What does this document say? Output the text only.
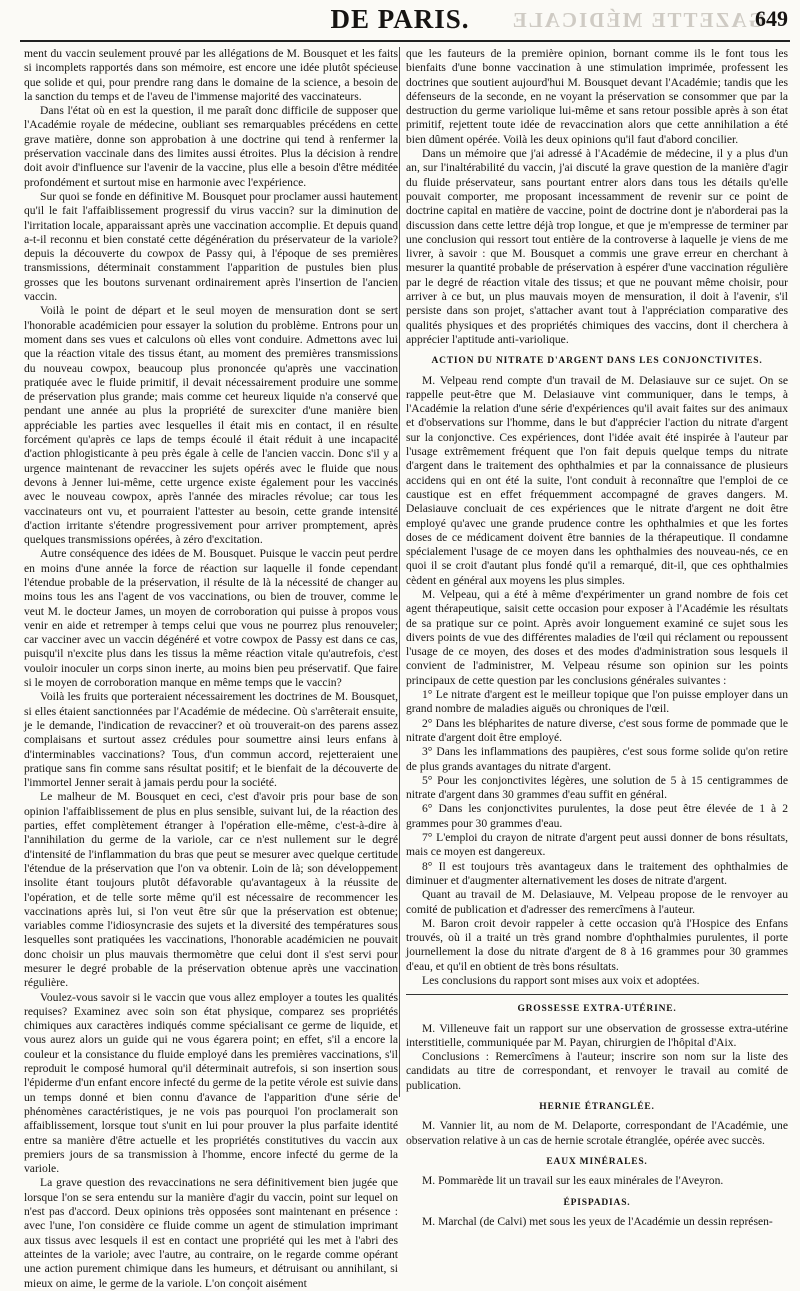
GAZETTE MÉDICALE
DE PARIS.	649

ment du vaccin seulement prouvé par les allégations de M. Bousquet et les faits si incomplets rapportés dans son mémoire, est encore une idée plutôt spécieuse que solide et qui, pour prendre rang dans le domaine de la science, a besoin de la sanction du temps et de l'aveu de l'immense majorité des vaccinateurs.

Dans l'état où en est la question, il me paraît donc difficile de supposer que l'Académie royale de médecine, oubliant ses remarquables précédens en cette grave matière, donne son approbation à une doctrine qui tend à renfermer la préservation vaccinale dans des limites aussi étroites. Plus la décision à rendre doit avoir d'influence sur l'avenir de la vaccine, plus elle a besoin d'être méditée profondément et surtout mise en harmonie avec l'expérience.

Sur quoi se fonde en définitive M. Bousquet pour proclamer aussi hautement qu'il le fait l'affaiblissement progressif du virus vaccin? sur la diminution de l'irritation locale, apparaissant après une vaccination accomplie. Et depuis quand a-t-il reconnu et bien constaté cette dégénération du préservateur de la variole? depuis la découverte du cowpox de Passy qui, à l'époque de ses premières transmissions, déterminait constamment l'apparition de pustules bien plus grosses que les boutons survenant ordinairement après l'insertion de l'ancien vaccin.

Voilà le point de départ et le seul moyen de mensuration dont se sert l'honorable académicien pour essayer la solution du problème. Entrons pour un moment dans ses vues et calculons où elles vont conduire. Admettons avec lui que la réaction vitale des tissus étant, au moment des premières transmissions du nouveau cowpox, beaucoup plus prononcée qu'après une vaccination pratiquée avec le fluide primitif, il devait nécessairement produire une somme de préservation plus grande; mais comme cet heureux liquide n'a conservé que pendant une année au plus la propriété de surexciter d'une manière bien appréciable les parties avec lesquelles il était mis en contact, il en résulte forcément qu'après ce laps de temps écoulé il était réduit à une incapacité d'action phlogisticante à peu près égale à celle de l'ancien vaccin. Donc s'il y a urgence maintenant de revacciner les sujets opérés avec le fluide que nous devons à Jenner lui-même, cette urgence existe également pour les vaccinés avec le nouveau cowpox, après l'année des miracles révolue; car tous les vaccinateurs ont vu, et pourraient l'attester au besoin, cette grande intensité d'action irritante s'étendre progressivement pour arriver promptement, après quelques transmissions opérées, à zéro d'excitation.

Autre conséquence des idées de M. Bousquet. Puisque le vaccin peut perdre en moins d'une année la force de réaction sur laquelle il fonde cependant l'étendue probable de la préservation, il résulte de là la nécessité de changer au moins tous les ans l'agent de vos vaccinations, ou bien de trouver, comme le veut M. le docteur James, un moyen de corroboration qui puisse à propos vous venir en aide et retremper à temps celui que vous ne pourrez plus renouveler; car vacciner avec un vaccin dégénéré et votre cowpox de Passy est dans ce cas, puisqu'il n'excite plus dans les tissus la même réaction vitale qu'autrefois, c'est vouloir inoculer un corps sinon inerte, au moins bien peu préservatif. Que faire si le moyen de corroboration manque en même temps que le vaccin?

Voilà les fruits que porteraient nécessairement les doctrines de M. Bousquet, si elles étaient sanctionnées par l'Académie de médecine. Où s'arrêterait ensuite, je le demande, l'indication de revacciner? et où trouverait-on des parens assez complaisans et surtout assez crédules pour soumettre ainsi leurs enfans à d'interminables vaccinations? Tous, d'un commun accord, rejetteraient une pratique sans fin comme sans résultat positif; et le bienfait de la découverte de l'immortel Jenner serait à jamais perdu pour la société.

Le malheur de M. Bousquet en ceci, c'est d'avoir pris pour base de son opinion l'affaiblissement de plus en plus sensible, suivant lui, de la réaction des parties, effet complètement étranger à l'opération elle-même, c'est-à-dire à l'annihilation du germe de la variole, car ce n'est nullement sur le degré d'intensité de l'inflammation du bras que peut se mesurer avec quelque certitude l'étendue de la préservation que l'on va obtenir. Loin de là; son développement insolite étant toujours plutôt défavorable qu'avantageux à la réussite de l'opération, et de telle sorte même qu'il est nécessaire de recommencer les vaccinations après lui, si l'on veut être sûr que la préservation est obtenue; variables comme l'idiosyncrasie des sujets et la diversité des températures sous lesquelles sont pratiquées les vaccinations, l'honorable académicien ne pouvait donc choisir un plus mauvais thermomètre que celui dont il s'est servi pour mesurer le degré probable de la préservation obtenue après une vaccination régulière.

Voulez-vous savoir si le vaccin que vous allez employer a toutes les qualités requises? Examinez avec soin son état physique, comparez ses propriétés chimiques aux caractères indiqués comme spécialisant ce germe de liquide, et vous aurez alors un guide qui ne vous égarera point; en effet, s'il a encore la couleur et la consistance du fluide employé dans les premières vaccinations, s'il reproduit le composé humoral qu'il déterminait autrefois, si son insertion sous l'épiderme d'un enfant encore infecté du germe de la petite vérole est suivie dans un temps donné et bien connu d'avance de l'apparition d'une série de phénomènes caractéristiques, je ne vois pas pourquoi l'on proclamerait son affaiblissement, lorsque tout s'unit en lui pour prouver la plus parfaite identité entre sa manière d'être actuelle et les propriétés constitutives du vaccin aux premiers jours de sa transmission à l'homme, encore infecté du germe de la variole.

La grave question des revaccinations ne sera définitivement bien jugée que lorsque l'on se sera entendu sur la manière d'agir du vaccin, point sur lequel on n'est pas d'accord. Deux opinions très opposées sont maintenant en présence : avec l'une, l'on considère ce fluide comme un agent de stimulation imprimant aux tissus avec lesquels il est en contact une propriété qui les met à l'abri des atteintes de la variole; avec l'autre, au contraire, on le regarde comme opérant une action purement chimique dans les humeurs, et détruisant ou annihilant, si mieux on aime, le germe de la variole. L'on conçoit aisément

que les fauteurs de la première opinion, bornant comme ils le font tous les bienfaits d'une bonne vaccination à une stimulation imprimée, professent les doctrines que soutient aujourd'hui M. Bousquet devant l'Académie; tandis que les défenseurs de la seconde, en ne voyant la préservation se consommer que par la destruction du germe variolique lui-même et sans retour possible après à son état primitif, rejettent toute idée de revaccination alors que cette annihilation a été bien dûment opérée. Voilà les deux opinions qu'il faut d'abord concilier.

Dans un mémoire que j'ai adressé à l'Académie de médecine, il y a plus d'un an, sur l'inaltérabilité du vaccin, j'ai discuté la grave question de la manière d'agir du fluide préservateur, sans pourtant entrer alors dans tous les détails qu'elle pouvait comporter, me proposant incessamment de revenir sur ce point de doctrine capital en matière de vaccine, point de doctrine dont je n'aborderai pas la discussion dans cette lettre déjà trop longue, et que je m'empresse de terminer par une conclusion qui ressort tout entière de la controverse à laquelle je viens de me livrer, à savoir : que M. Bousquet a commis une grave erreur en cherchant à mesurer la quantité probable de préservation à espérer d'une vaccination régulière par le degré de réaction vitale des tissus; et que ne pouvant même choisir, pour arriver à ce but, un plus mauvais moyen de mensuration, il doit à l'avenir, s'il persiste dans son projet, s'attacher avant tout à l'appréciation comparative des qualités physiques et des propriétés chimiques des vaccins, dont il cherchera à apprécier l'aptitude anti-variolique.

ACTION DU NITRATE D'ARGENT DANS LES CONJONCTIVITES.

M. Velpeau rend compte d'un travail de M. Delasiauve sur ce sujet. On se rappelle peut-être que M. Delasiauve vint communiquer, dans le temps, à l'Académie la relation d'une série d'expériences qu'il avait faites sur des animaux et d'observations sur l'homme, dans le but d'apprécier l'action du nitrate d'argent sur la conjonctive. Ces expériences, dont l'idée avait été inspirée à l'auteur par l'usage extrêmement fréquent que l'on fait depuis quelque temps du nitrate d'argent dans le traitement des ophthalmies et par la connaissance de plusieurs accidens qui en ont été la suite, l'ont conduit à reconnaître que l'emploi de ce caustique est en effet fréquemment accompagné de graves dangers. M. Delasiauve concluait de ces expériences que le nitrate d'argent ne doit être employé qu'avec une grande prudence contre les ophthalmies et que les fortes doses de ce médicament doivent être bannies de la thérapeutique. Il condamne spécialement l'usage de ce moyen dans les ophthalmies des nouveau-nés, ce en quoi il se croit d'autant plus fondé qu'il a remarqué, dit-il, que ces ophthalmies cèdent en général aux moyens les plus simples.

M. Velpeau, qui a été à même d'expérimenter un grand nombre de fois cet agent thérapeutique, saisit cette occasion pour exposer à l'Académie les résultats de sa pratique sur ce point. Après avoir longuement examiné ce sujet sous les divers points de vue des différentes maladies de l'œil qui réclament ou repoussent l'usage de ce moyen, des doses et des modes d'administration sous lesquels il convient de l'administrer, M. Velpeau résume son opinion sur les points principaux de cette question par les conclusions générales suivantes :

1° Le nitrate d'argent est le meilleur topique que l'on puisse employer dans un grand nombre de maladies aiguës ou chroniques de l'œil.

2° Dans les blépharites de nature diverse, c'est sous forme de pommade que le nitrate d'argent doit être employé.

3° Dans les inflammations des paupières, c'est sous forme solide qu'on retire de plus grands avantages du nitrate d'argent.

5° Pour les conjonctivites légères, une solution de 5 à 15 centigrammes de nitrate d'argent dans 30 grammes d'eau suffit en général.

6° Dans les conjonctivites purulentes, la dose peut être élevée de 1 à 2 grammes pour 30 grammes d'eau.

7° L'emploi du crayon de nitrate d'argent peut aussi donner de bons résultats, mais ce moyen est dangereux.

8° Il est toujours très avantageux dans le traitement des ophthalmies de diminuer et d'augmenter alternativement les doses de nitrate d'argent.

Quant au travail de M. Delasiauve, M. Velpeau propose de le renvoyer au comité de publication et d'adresser des remercîmens à l'auteur.

M. Baron croit devoir rappeler à cette occasion qu'à l'Hospice des Enfans trouvés, où il a traité un très grand nombre d'ophthalmies purulentes, il porte journellement la dose du nitrate d'argent de 8 à 16 grammes pour 30 grammes d'eau, et qu'il en obtient de très bons résultats.

Les conclusions du rapport sont mises aux voix et adoptées.

GROSSESSE EXTRA-UTÉRINE.

M. Villeneuve fait un rapport sur une observation de grossesse extra-utérine interstitielle, communiquée par M. Payan, chirurgien de l'hôpital d'Aix.

Conclusions : Remercîmens à l'auteur; inscrire son nom sur la liste des candidats au titre de correspondant, et renvoyer le travail au comité de publication.

HERNIE ÉTRANGLÉE.

M. Vannier lit, au nom de M. Delaporte, correspondant de l'Académie, une observation relative à un cas de hernie scrotale étranglée, opérée avec succès.

EAUX MINÉRALES.

M. Pommarède lit un travail sur les eaux minérales de l'Aveyron.

ÉPISPADIAS.

M. Marchal (de Calvi) met sous les yeux de l'Académie un dessin représen-
